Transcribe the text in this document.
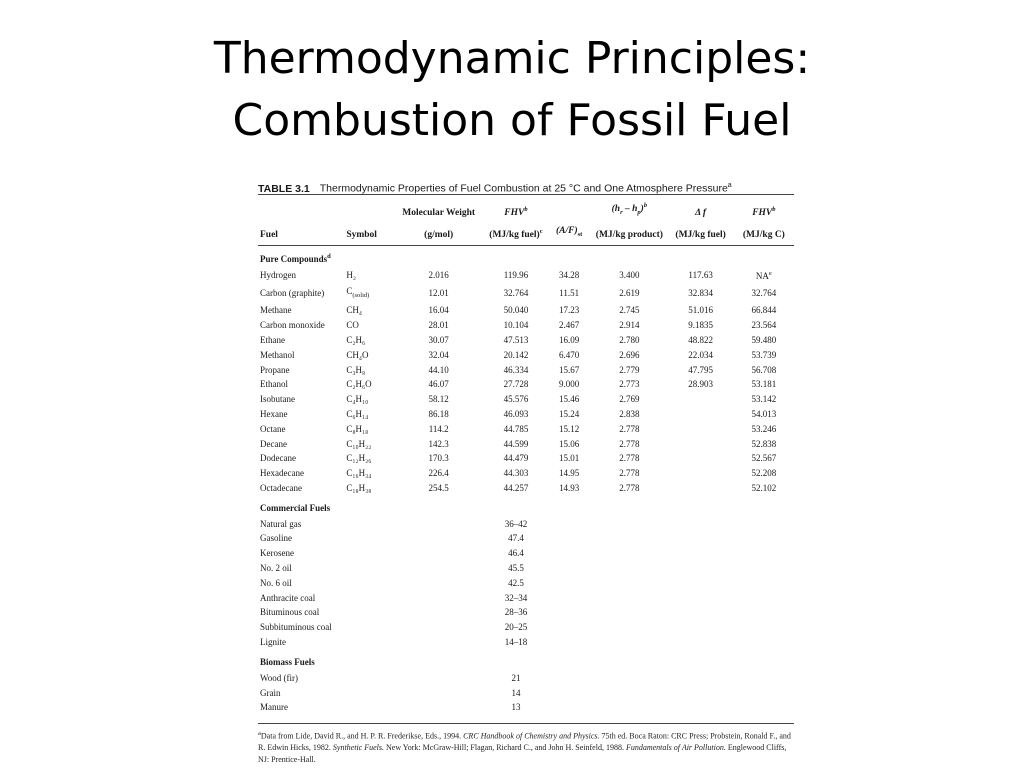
Thermodynamic Principles:
Combustion of Fossil Fuel
TABLE 3.1 Thermodynamic Properties of Fuel Combustion at 25 °C and One Atmosphere Pressure$^a$
		Molecular Weight	FHV$^b$		$(h_r - h_p)^b$	Δ f	FHV$^b$
Fuel	Symbol	(g/mol)	(MJ/kg fuel)$^c$	$(A/F)_{st}$	(MJ/kg product)	(MJ/kg fuel)	(MJ/kg C)
Pure Compounds$^d$
Hydrogen	H₂	2.016	119.96	34.28	3.400	117.63	$NA^e$
Carbon (graphite)	$C_{(solid)}$	12.01	32.764	11.51	2.619	32.834	32.764
Methane	CH₄	16.04	50.040	17.23	2.745	51.016	66.844
Carbon monoxide	CO	28.01	10.104	2.467	2.914	9.1835	23.564
Ethane	C₂H₆	30.07	47.513	16.09	2.780	48.822	59.480
Methanol	CH₄O	32.04	20.142	6.470	2.696	22.034	53.739
Propane	C₃H₈	44.10	46.334	15.67	2.779	47.795	56.708
Ethanol	C₂H₆O	46.07	27.728	9.000	2.773	28.903	53.181
Isobutane	C₄H₁₀	58.12	45.576	15.46	2.769		53.142
Hexane	C₆H₁₄	86.18	46.093	15.24	2.838		54.013
Octane	C₈H₁₈	114.2	44.785	15.12	2.778		53.246
Decane	C₁₀H₂₂	142.3	44.599	15.06	2.778		52.838
Dodecane	C₁₂H₂₆	170.3	44.479	15.01	2.778		52.567
Hexadecane	C₁₆H₃₄	226.4	44.303	14.95	2.778		52.208
Octadecane	C₁₈H₃₈	254.5	44.257	14.93	2.778		52.102
Commercial Fuels							
Natural gas			36–42				
Gasoline			47.4				
Kerosene			46.4				
No. 2 oil			45.5				
No. 6 oil			42.5				
Anthracite coal			32–34				
Bituminous coal			28–36				
Subbituminous coal			20–25				
Lignite			14–18				
Biomass Fuels							
Wood (fir)			21				
Grain			14				
Manure			13				
$^a$Data from Lide, David R., and H. P. R. Frederikse, Eds., 1994. CRC Handbook of Chemistry and Physics. 75th ed. Boca Raton: CRC Press; Probstein, Ronald F., and R. Edwin Hicks, 1982. Synthetic Fuels. New York: McGraw-Hill; Flagan, Richard C., and John H. Seinfeld, 1988. Fundamentals of Air Pollution. Englewood Cliffs, NJ: Prentice-Hall.
